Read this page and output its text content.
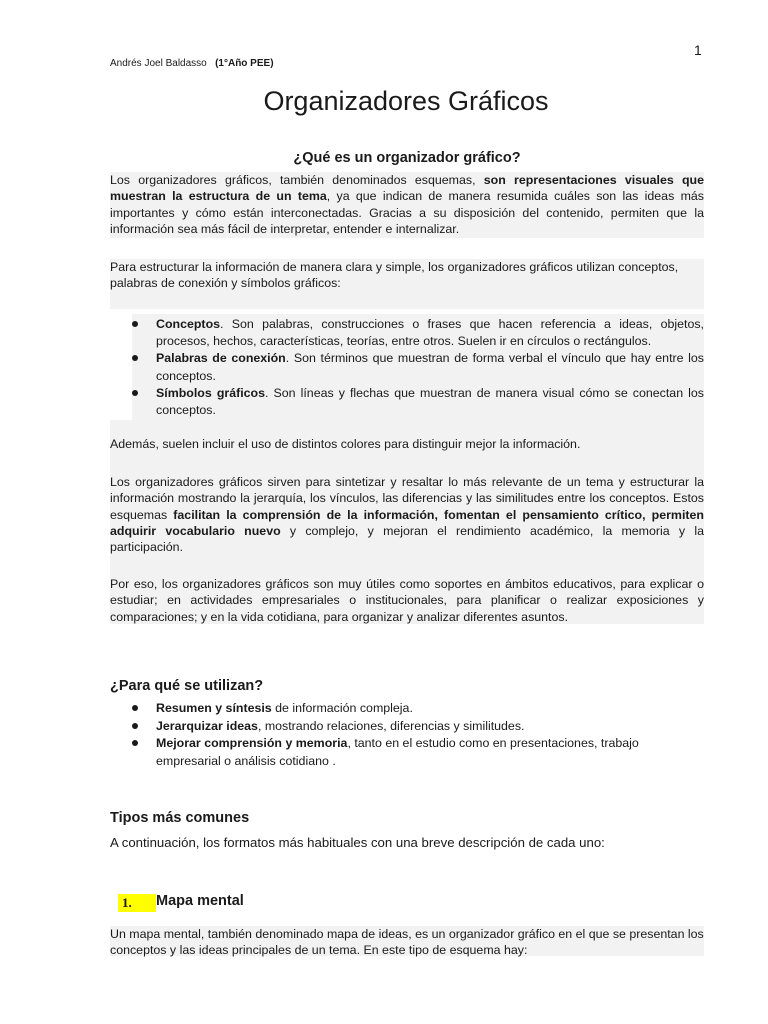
1
Andrés Joel Baldasso (1°Año PEE)
Organizadores Gráficos
¿Qué es un organizador gráfico?
Los organizadores gráficos, también denominados esquemas, son representaciones visuales que muestran la estructura de un tema, ya que indican de manera resumida cuáles son las ideas más importantes y cómo están interconectadas. Gracias a su disposición del contenido, permiten que la información sea más fácil de interpretar, entender e internalizar.
Para estructurar la información de manera clara y simple, los organizadores gráficos utilizan conceptos, palabras de conexión y símbolos gráficos:
Conceptos. Son palabras, construcciones o frases que hacen referencia a ideas, objetos, procesos, hechos, características, teorías, entre otros. Suelen ir en círculos o rectángulos.
Palabras de conexión. Son términos que muestran de forma verbal el vínculo que hay entre los conceptos.
Símbolos gráficos. Son líneas y flechas que muestran de manera visual cómo se conectan los conceptos.
Además, suelen incluir el uso de distintos colores para distinguir mejor la información.
Los organizadores gráficos sirven para sintetizar y resaltar lo más relevante de un tema y estructurar la información mostrando la jerarquía, los vínculos, las diferencias y las similitudes entre los conceptos. Estos esquemas facilitan la comprensión de la información, fomentan el pensamiento crítico, permiten adquirir vocabulario nuevo y complejo, y mejoran el rendimiento académico, la memoria y la participación.
Por eso, los organizadores gráficos son muy útiles como soportes en ámbitos educativos, para explicar o estudiar; en actividades empresariales o institucionales, para planificar o realizar exposiciones y comparaciones; y en la vida cotidiana, para organizar y analizar diferentes asuntos.
¿Para qué se utilizan?
Resumen y síntesis de información compleja.
Jerarquizar ideas, mostrando relaciones, diferencias y similitudes.
Mejorar comprensión y memoria, tanto en el estudio como en presentaciones, trabajo empresarial o análisis cotidiano .
Tipos más comunes
A continuación, los formatos más habituales con una breve descripción de cada uno:
1.	Mapa mental
Un mapa mental, también denominado mapa de ideas, es un organizador gráfico en el que se presentan los conceptos y las ideas principales de un tema. En este tipo de esquema hay:
